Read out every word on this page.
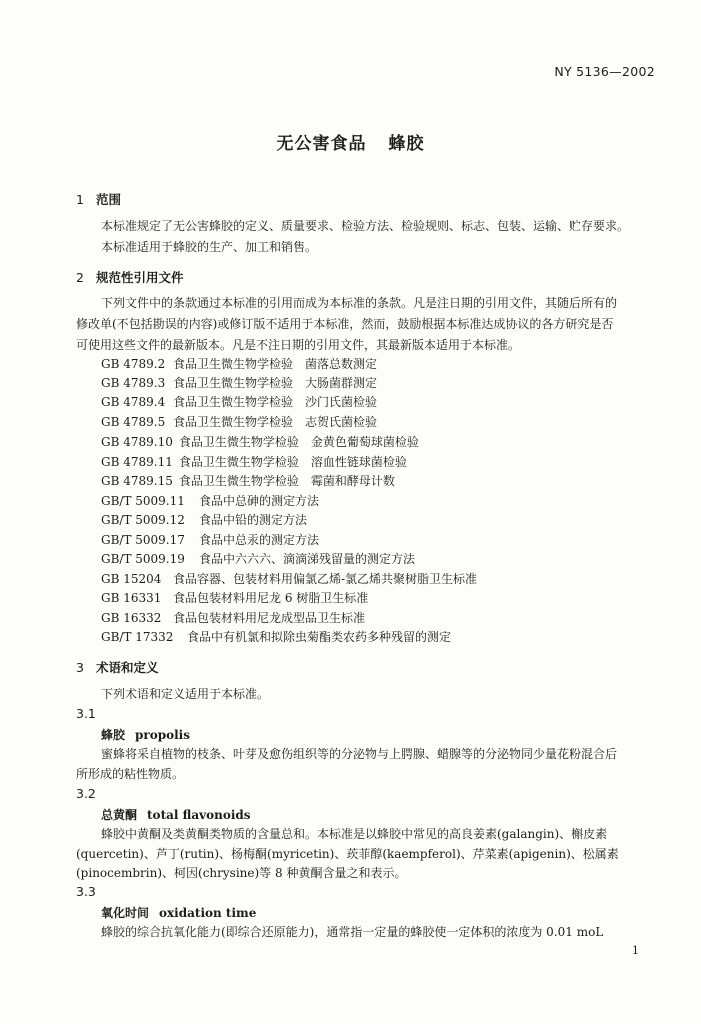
NY 5136—2002
无公害食品 蜂胶
1 范围
本标准规定了无公害蜂胶的定义、质量要求、检验方法、检验规则、标志、包装、运输、贮存要求。
本标准适用于蜂胶的生产、加工和销售。
2 规范性引用文件
下列文件中的条款通过本标准的引用而成为本标准的条款。凡是注日期的引用文件，其随后所有的
修改单(不包括勘误的内容)或修订版不适用于本标准，然而，鼓励根据本标准达成协议的各方研究是否
可使用这些文件的最新版本。凡是不注日期的引用文件，其最新版本适用于本标准。
GB 4789.2 食品卫生微生物学检验　菌落总数测定
GB 4789.3 食品卫生微生物学检验　大肠菌群测定
GB 4789.4 食品卫生微生物学检验　沙门氏菌检验
GB 4789.5 食品卫生微生物学检验　志贺氏菌检验
GB 4789.10 食品卫生微生物学检验　金黄色葡萄球菌检验
GB 4789.11 食品卫生微生物学检验　溶血性链球菌检验
GB 4789.15 食品卫生微生物学检验　霉菌和酵母计数
GB/T 5009.11 食品中总砷的测定方法
GB/T 5009.12 食品中铅的测定方法
GB/T 5009.17 食品中总汞的测定方法
GB/T 5009.19 食品中六六六、滴滴涕残留量的测定方法
GB 15204 食品容器、包装材料用偏氯乙烯-氯乙烯共聚树脂卫生标准
GB 16331 食品包装材料用尼龙 6 树脂卫生标准
GB 16332 食品包装材料用尼龙成型品卫生标准
GB/T 17332 食品中有机氯和拟除虫菊酯类农药多种残留的测定
3 术语和定义
下列术语和定义适用于本标准。
3.1
蜂胶 propolis
蜜蜂将采自植物的枝条、叶芽及愈伤组织等的分泌物与上腭腺、蜡腺等的分泌物同少量花粉混合后
所形成的粘性物质。
3.2
总黄酮 total flavonoids
蜂胶中黄酮及类黄酮类物质的含量总和。本标准是以蜂胶中常见的高良姜素(galangin)、槲皮素
(quercetin)、芦丁(rutin)、杨梅酮(myricetin)、莰菲醇(kaempferol)、芹菜素(apigenin)、松属素
(pinocembrin)、柯因(chrysine)等 8 种黄酮含量之和表示。
3.3
氧化时间 oxidation time
蜂胶的综合抗氧化能力(即综合还原能力)，通常指一定量的蜂胶使一定体积的浓度为 0.01 moL
1
